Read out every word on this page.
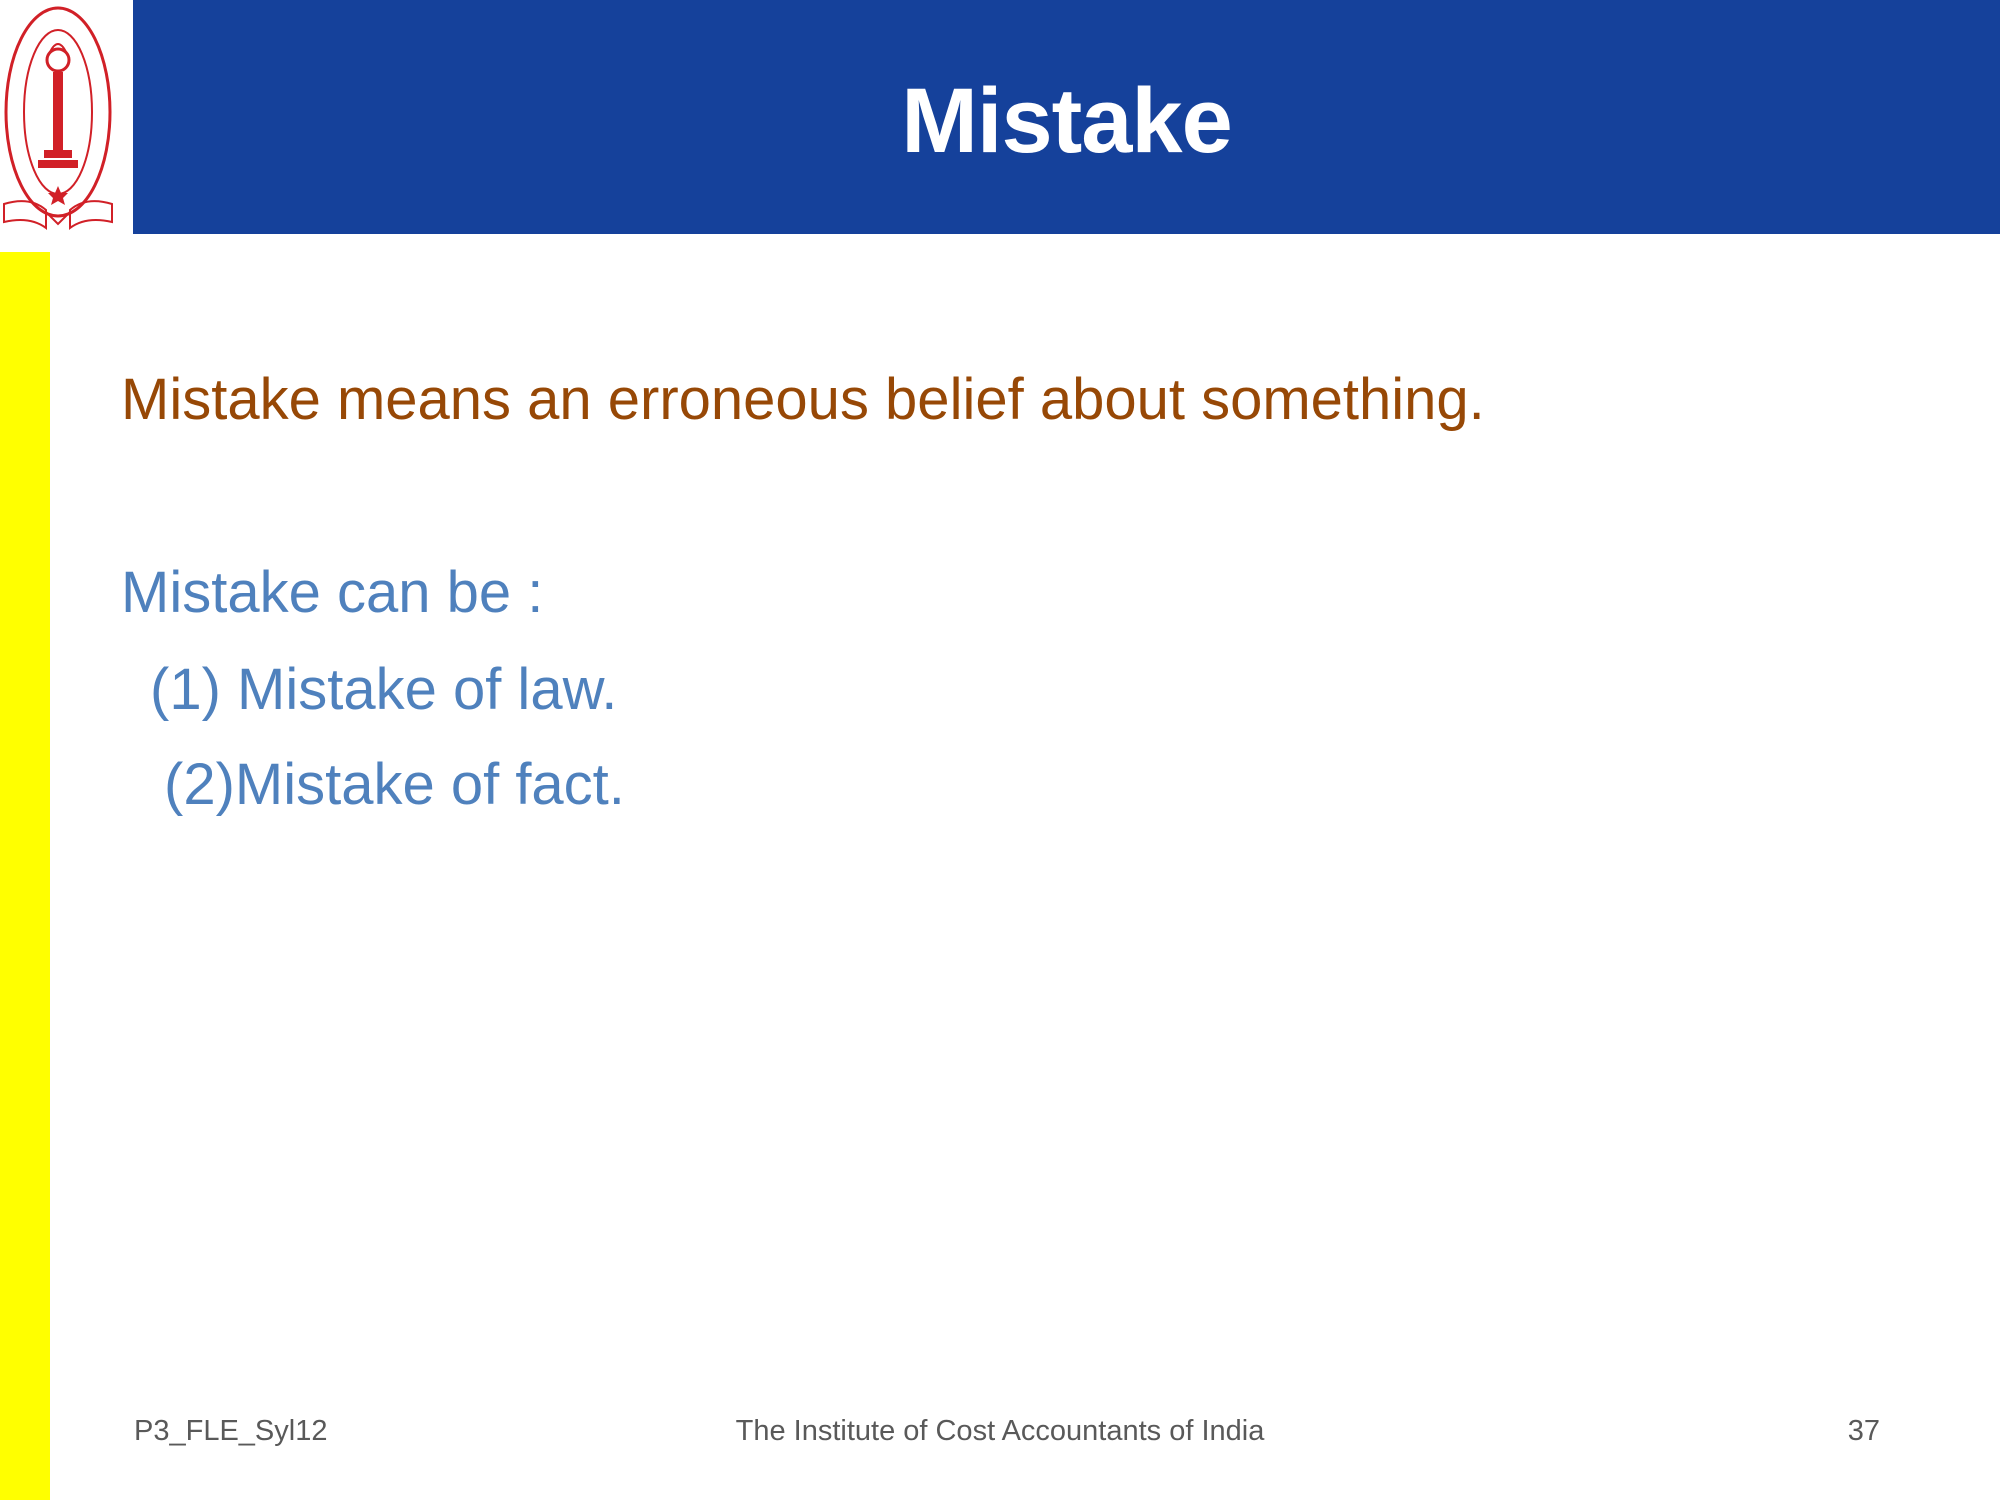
Mistake
Mistake means an erroneous belief about something.
Mistake can be :
(1) Mistake of law.
(2)Mistake of fact.
P3_FLE_Syl12	The Institute of Cost Accountants of India	37
